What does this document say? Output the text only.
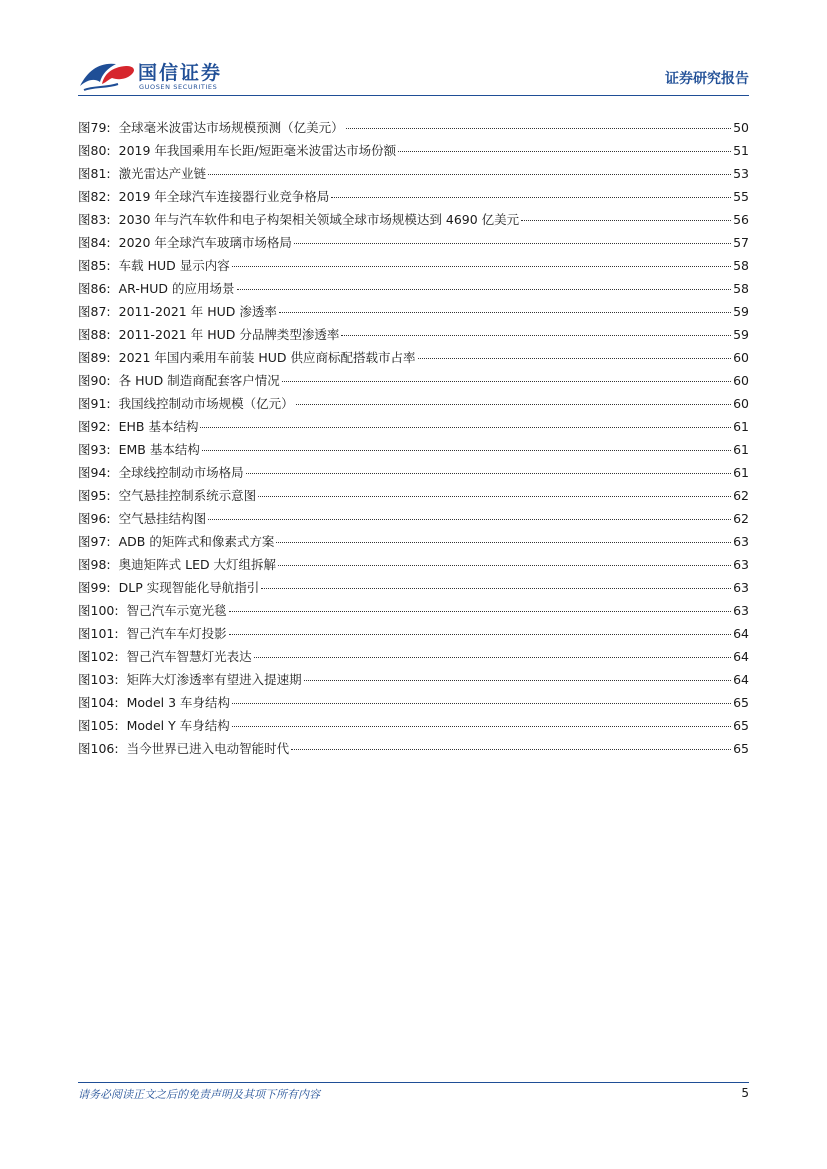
国信证券
GUOSEN SECURITIES	证券研究报告
图79: 全球毫米波雷达市场规模预测（亿美元）	50
图80: 2019 年我国乘用车长距/短距毫米波雷达市场份额	51
图81: 激光雷达产业链	53
图82: 2019 年全球汽车连接器行业竞争格局	55
图83: 2030 年与汽车软件和电子构架相关领域全球市场规模达到 4690 亿美元	56
图84: 2020 年全球汽车玻璃市场格局	57
图85: 车载 HUD 显示内容	58
图86: AR-HUD 的应用场景	58
图87: 2011-2021 年 HUD 渗透率	59
图88: 2011-2021 年 HUD 分品牌类型渗透率	59
图89: 2021 年国内乘用车前装 HUD 供应商标配搭载市占率	60
图90: 各 HUD 制造商配套客户情况	60
图91: 我国线控制动市场规模（亿元）	60
图92: EHB 基本结构	61
图93: EMB 基本结构	61
图94: 全球线控制动市场格局	61
图95: 空气悬挂控制系统示意图	62
图96: 空气悬挂结构图	62
图97: ADB 的矩阵式和像素式方案	63
图98: 奥迪矩阵式 LED 大灯组拆解	63
图99: DLP 实现智能化导航指引	63
图100: 智己汽车示宽光毯	63
图101: 智己汽车车灯投影	64
图102: 智己汽车智慧灯光表达	64
图103: 矩阵大灯渗透率有望进入提速期	64
图104: Model 3 车身结构	65
图105: Model Y 车身结构	65
图106: 当今世界已进入电动智能时代	65
请务必阅读正文之后的免责声明及其项下所有内容	5
